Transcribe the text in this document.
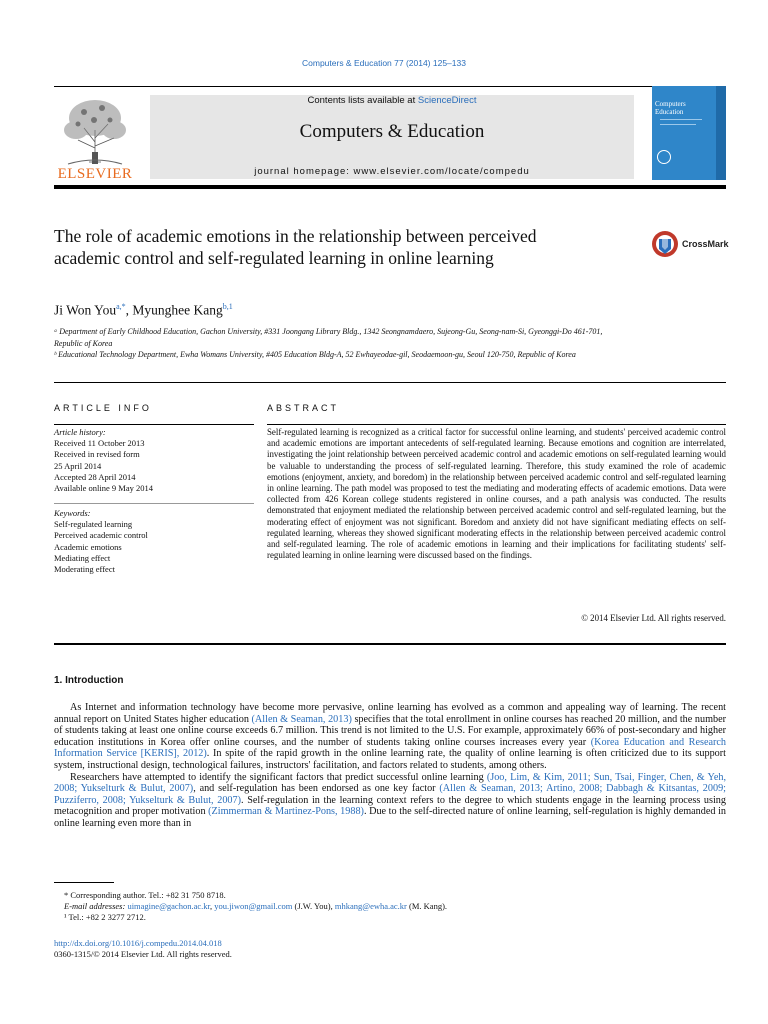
Computers & Education 77 (2014) 125–133
ELSEVIER
Contents lists available at ScienceDirect
Computers & Education
journal homepage: www.elsevier.com/locate/compedu
Computers
Education
The role of academic emotions in the relationship between perceived academic control and self-regulated learning in online learning
CrossMark
Ji Won You$^{a,*}$, Myunghee Kang$^{b,1}$
ᵃ Department of Early Childhood Education, Gachon University, #331 Joongang Library Bldg., 1342 Seongnamdaero, Sujeong-Gu, Seong-nam-Si, Gyeonggi-Do 461-701, Republic of Korea
ᵇ Educational Technology Department, Ewha Womans University, #405 Education Bldg-A, 52 Ewhayeodae-gil, Seodaemoon-gu, Seoul 120-750, Republic of Korea
ARTICLE INFO
Article history:
Received 11 October 2013
Received in revised form
25 April 2014
Accepted 28 April 2014
Available online 9 May 2014
Keywords:
Self-regulated learning
Perceived academic control
Academic emotions
Mediating effect
Moderating effect
ABSTRACT
Self-regulated learning is recognized as a critical factor for successful online learning, and students' perceived academic control and academic emotions are important antecedents of self-regulated learning. Because emotions and cognition are interrelated, investigating the joint relationship between perceived academic control and academic emotions on self-regulated learning would be valuable to understanding the process of self-regulated learning. Therefore, this study examined the role of academic emotions (enjoyment, anxiety, and boredom) in the relationship between perceived academic control and self-regulated learning in online learning. The path model was proposed to test the mediating and moderating effects of academic emotions. Data were collected from 426 Korean college students registered in online courses, and a path analysis was conducted. The results demonstrated that enjoyment mediated the relationship between perceived academic control and self-regulated learning, but the moderating effect of enjoyment was not significant. Boredom and anxiety did not have significant mediating effects on self-regulated learning, whereas they showed significant moderating effects in the relationship between perceived academic control and self-regulated learning. The role of academic emotions in learning and their implications for facilitating students' self-regulated learning in online learning were discussed based on the findings.
© 2014 Elsevier Ltd. All rights reserved.
1. Introduction

As Internet and information technology have become more pervasive, online learning has evolved as a common and appealing way of learning. The recent annual report on United States higher education (Allen & Seaman, 2013) specifies that the total enrollment in online courses has reached 20 million, and the number of students taking at least one online course exceeds 6.7 million. This trend is not limited to the U.S. For example, approximately 66% of post-secondary and higher education institutions in Korea offer online courses, and the number of students taking online courses increases every year (Korea Education and Research Information Service [KERIS], 2012). In spite of the rapid growth in the online learning rate, the quality of online learning is often criticized due to its support system, instructional design, technological failures, instructors' facilitation, and factors related to students, among others.

Researchers have attempted to identify the significant factors that predict successful online learning (Joo, Lim, & Kim, 2011; Sun, Tsai, Finger, Chen, & Yeh, 2008; Yukselturk & Bulut, 2007), and self-regulation has been endorsed as one key factor (Allen & Seaman, 2013; Artino, 2008; Dabbagh & Kitsantas, 2009; Puzziferro, 2008; Yukselturk & Bulut, 2007). Self-regulation in the learning context refers to the degree to which students engage in the learning process using metacognition and proper motivation (Zimmerman & Martinez-Pons, 1988). Due to the self-directed nature of online learning, self-regulation is highly demanded in online learning even more than in

* Corresponding author. Tel.: +82 31 750 8718.
E-mail addresses: uimagine@gachon.ac.kr, you.jiwon@gmail.com (J.W. You), mhkang@ewha.ac.kr (M. Kang).
¹ Tel.: +82 2 3277 2712.
http://dx.doi.org/10.1016/j.compedu.2014.04.018
0360-1315/© 2014 Elsevier Ltd. All rights reserved.
